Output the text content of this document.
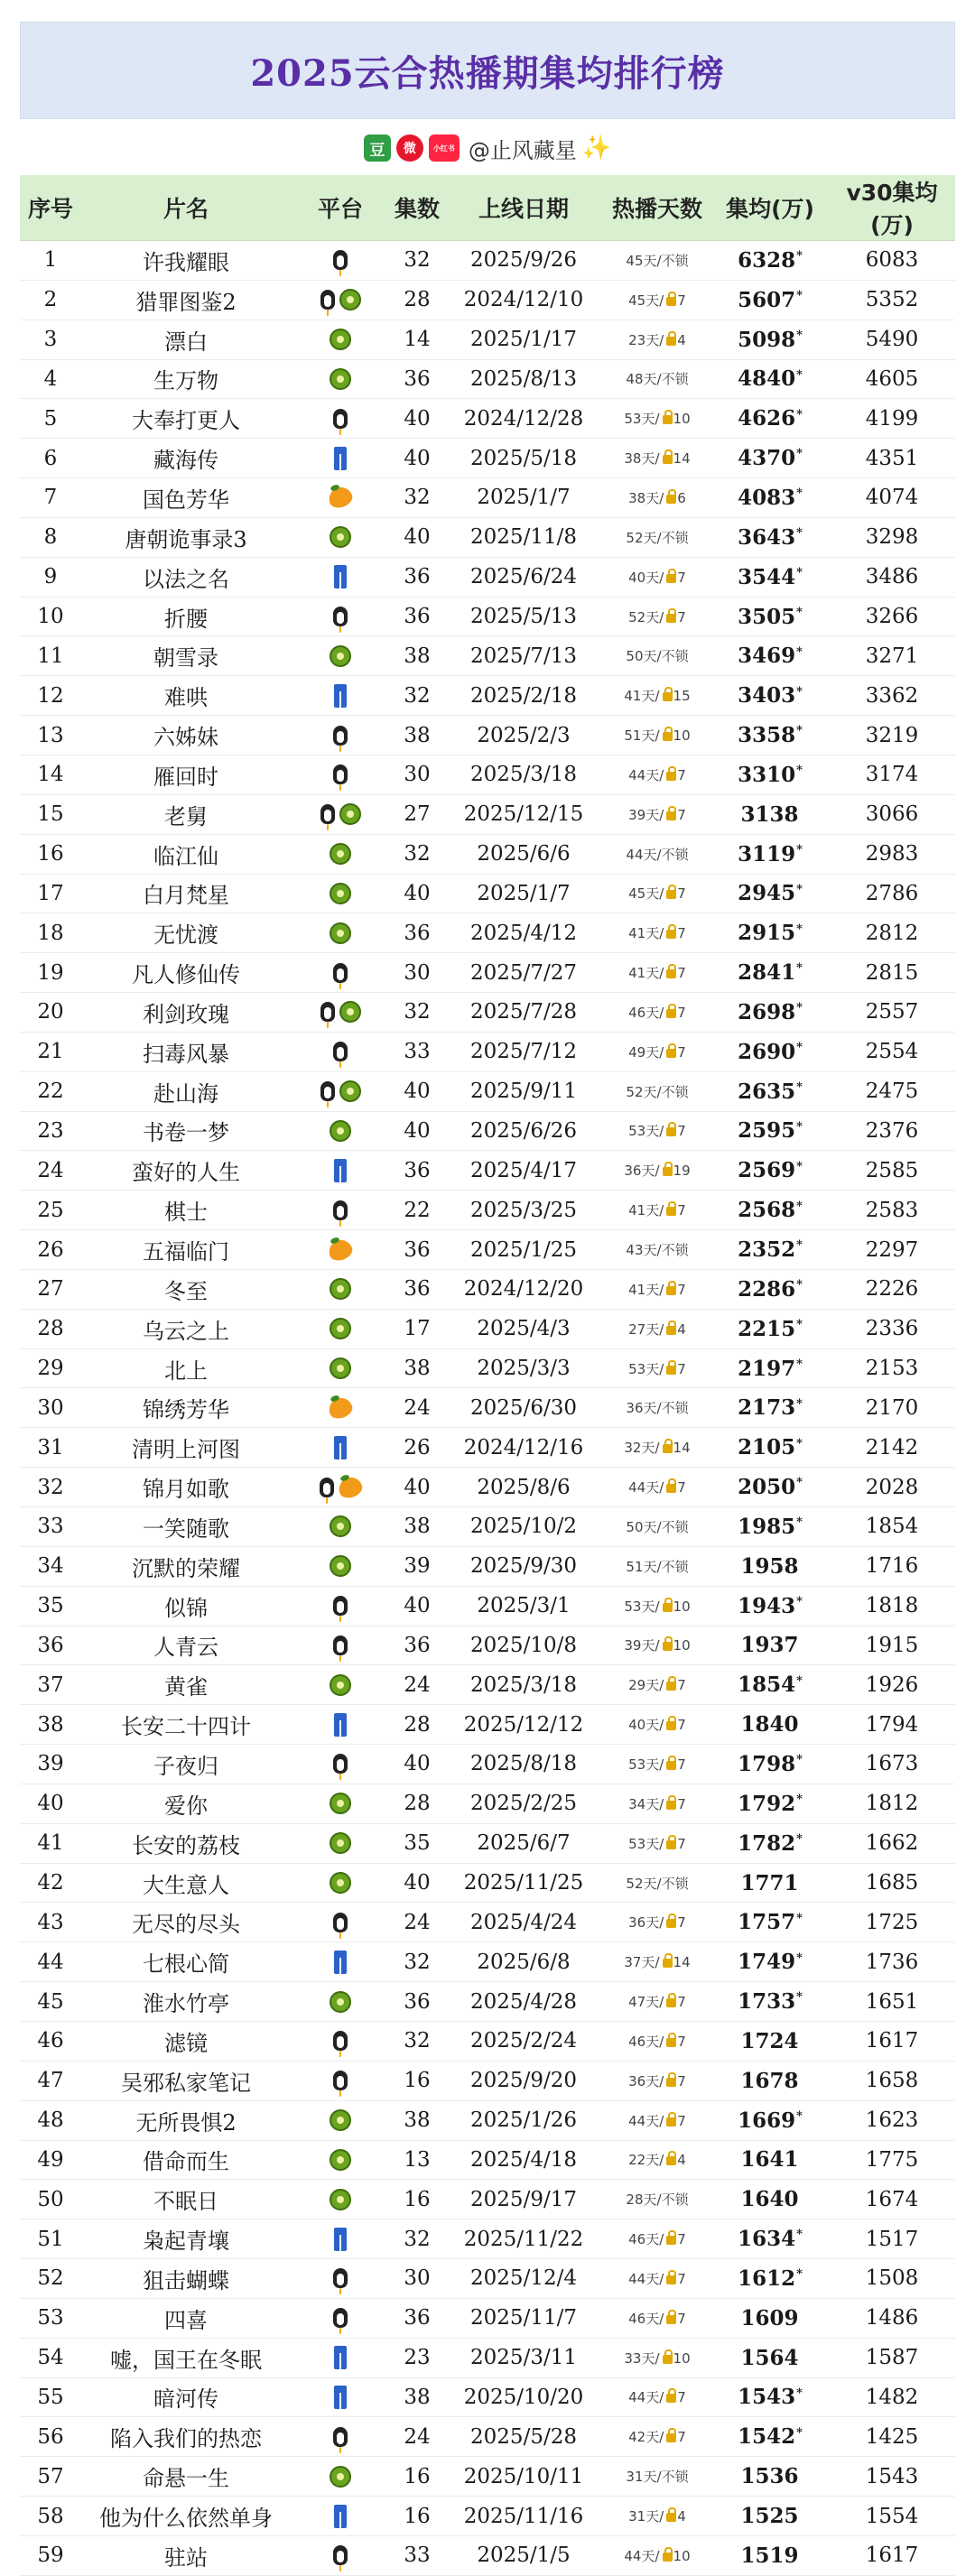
2025云合热播期集均排行榜
豆	微	小红书 @止风藏星 ✨
序号	片名	平台	集数	上线日期	热播天数	集均(万)	v30集均(万)
1	许我耀眼		32	2025/9/26	45天/不锁	6328*	6083
2	猎罪图鉴2		28	2024/12/10	45天/ 7	5607*	5352
3	漂白		14	2025/1/17	23天/ 4	5098*	5490
4	生万物		36	2025/8/13	48天/不锁	4840*	4605
5	大奉打更人		40	2024/12/28	53天/ 10	4626*	4199
6	藏海传		40	2025/5/18	38天/ 14	4370*	4351
7	国色芳华		32	2025/1/7	38天/ 6	4083*	4074
8	唐朝诡事录3		40	2025/11/8	52天/不锁	3643*	3298
9	以法之名		36	2025/6/24	40天/ 7	3544*	3486
10	折腰		36	2025/5/13	52天/ 7	3505*	3266
11	朝雪录		38	2025/7/13	50天/不锁	3469*	3271
12	难哄		32	2025/2/18	41天/ 15	3403*	3362
13	六姊妹		38	2025/2/3	51天/ 10	3358*	3219
14	雁回时		30	2025/3/18	44天/ 7	3310*	3174
15	老舅		27	2025/12/15	39天/ 7	3138	3066
16	临江仙		32	2025/6/6	44天/不锁	3119*	2983
17	白月梵星		40	2025/1/7	45天/ 7	2945*	2786
18	无忧渡		36	2025/4/12	41天/ 7	2915*	2812
19	凡人修仙传		30	2025/7/27	41天/ 7	2841*	2815
20	利剑玫瑰		32	2025/7/28	46天/ 7	2698*	2557
21	扫毒风暴		33	2025/7/12	49天/ 7	2690*	2554
22	赴山海		40	2025/9/11	52天/不锁	2635*	2475
23	书卷一梦		40	2025/6/26	53天/ 7	2595*	2376
24	蛮好的人生		36	2025/4/17	36天/ 19	2569*	2585
25	棋士		22	2025/3/25	41天/ 7	2568*	2583
26	五福临门		36	2025/1/25	43天/不锁	2352*	2297
27	冬至		36	2024/12/20	41天/ 7	2286*	2226
28	乌云之上		17	2025/4/3	27天/ 4	2215*	2336
29	北上		38	2025/3/3	53天/ 7	2197*	2153
30	锦绣芳华		24	2025/6/30	36天/不锁	2173*	2170
31	清明上河图		26	2024/12/16	32天/ 14	2105*	2142
32	锦月如歌		40	2025/8/6	44天/ 7	2050*	2028
33	一笑随歌		38	2025/10/2	50天/不锁	1985*	1854
34	沉默的荣耀		39	2025/9/30	51天/不锁	1958	1716
35	似锦		40	2025/3/1	53天/ 10	1943*	1818
36	人青云		36	2025/10/8	39天/ 10	1937	1915
37	黄雀		24	2025/3/18	29天/ 7	1854*	1926
38	长安二十四计		28	2025/12/12	40天/ 7	1840	1794
39	子夜归		40	2025/8/18	53天/ 7	1798*	1673
40	爱你		28	2025/2/25	34天/ 7	1792*	1812
41	长安的荔枝		35	2025/6/7	53天/ 7	1782*	1662
42	大生意人		40	2025/11/25	52天/不锁	1771	1685
43	无尽的尽头		24	2025/4/24	36天/ 7	1757*	1725
44	七根心简		32	2025/6/8	37天/ 14	1749*	1736
45	淮水竹亭		36	2025/4/28	47天/ 7	1733*	1651
46	滤镜		32	2025/2/24	46天/ 7	1724	1617
47	吴邪私家笔记		16	2025/9/20	36天/ 7	1678	1658
48	无所畏惧2		38	2025/1/26	44天/ 7	1669*	1623
49	借命而生		13	2025/4/18	22天/ 4	1641	1775
50	不眠日		16	2025/9/17	28天/不锁	1640	1674
51	枭起青壤		32	2025/11/22	46天/ 7	1634*	1517
52	狙击蝴蝶		30	2025/12/4	44天/ 7	1612*	1508
53	四喜		36	2025/11/7	46天/ 7	1609	1486
54	嘘，国王在冬眠		23	2025/3/11	33天/ 10	1564	1587
55	暗河传		38	2025/10/20	44天/ 7	1543*	1482
56	陷入我们的热恋		24	2025/5/28	42天/ 7	1542*	1425
57	命悬一生		16	2025/10/11	31天/不锁	1536	1543
58	他为什么依然单身		16	2025/11/16	31天/ 4	1525	1554
59	驻站		33	2025/1/5	44天/ 10	1519	1617
